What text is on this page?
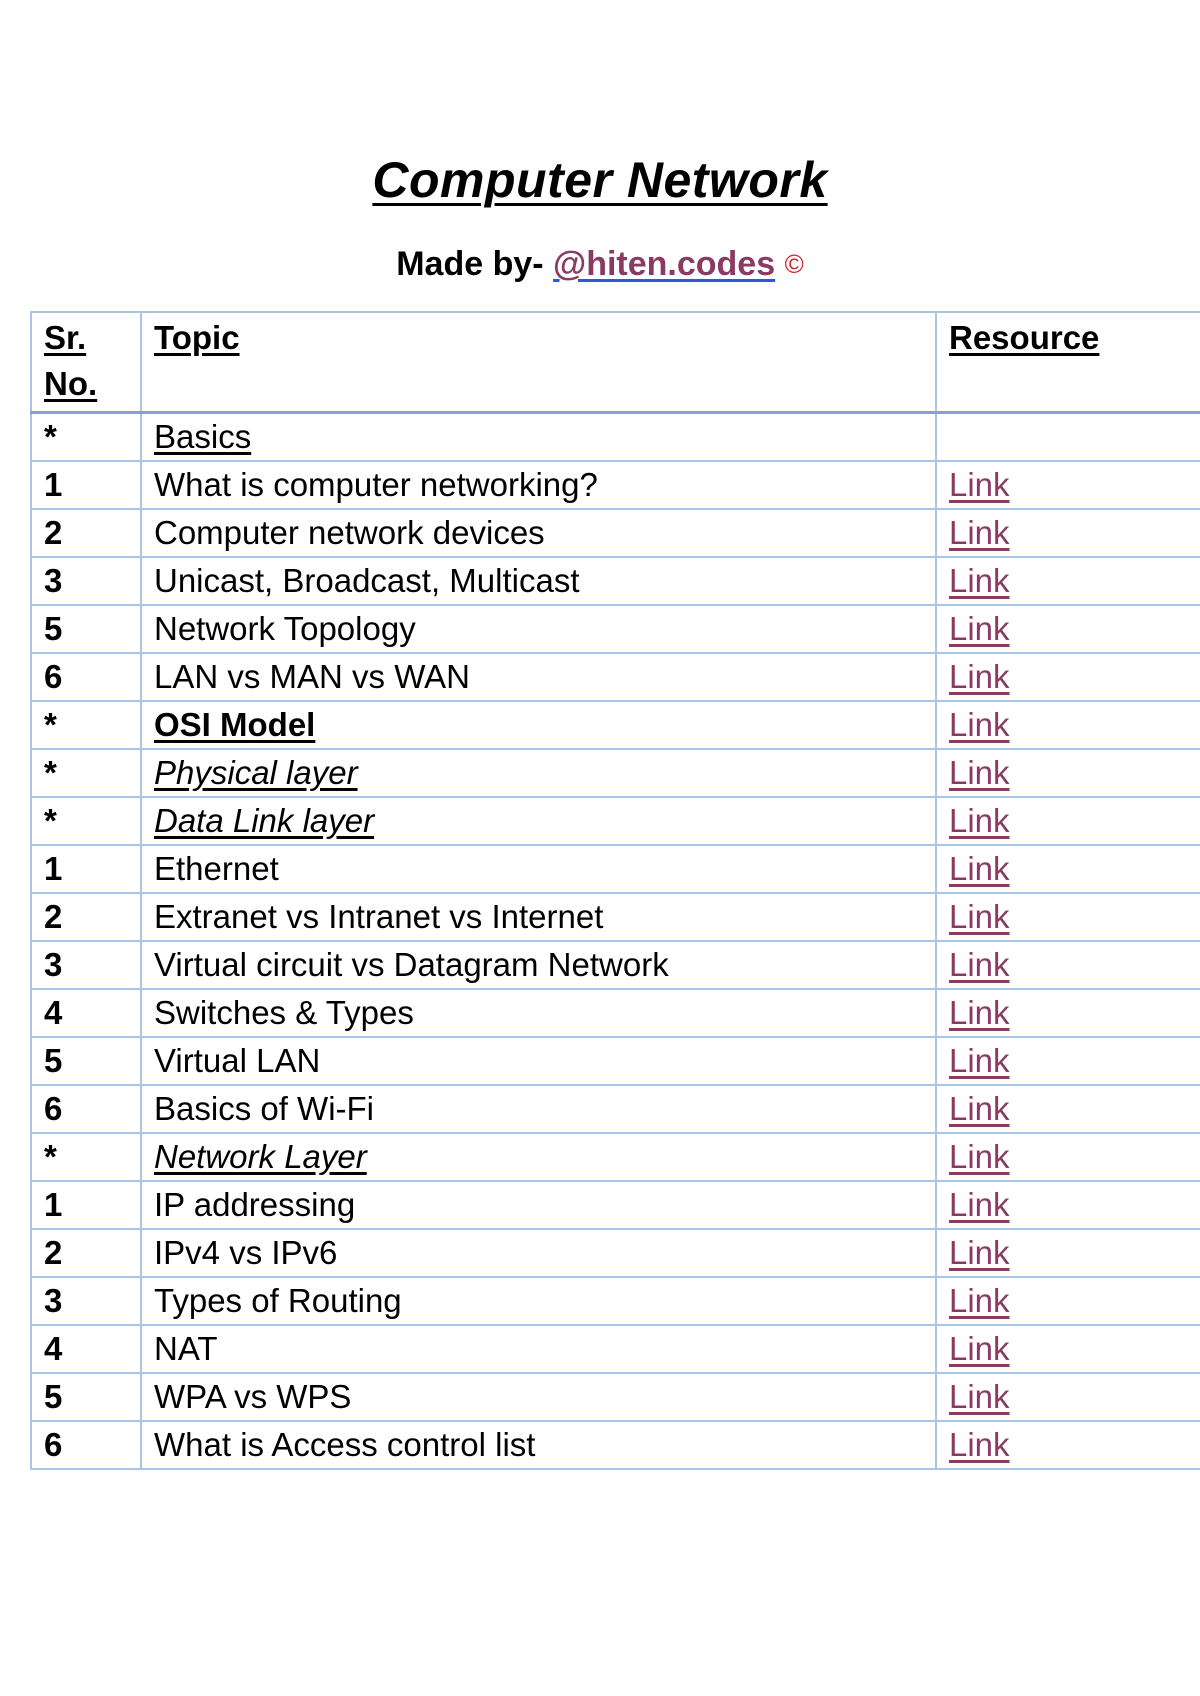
Computer Network
Made by- @hiten.codes ©
Sr. No.	Topic	Resource
*	Basics	
1	What is computer networking?	Link
2	Computer network devices	Link
3	Unicast, Broadcast, Multicast	Link
5	Network Topology	Link
6	LAN vs MAN vs WAN	Link
*	OSI Model	Link
*	Physical layer	Link
*	Data Link layer	Link
1	Ethernet	Link
2	Extranet vs Intranet vs Internet	Link
3	Virtual circuit vs Datagram Network	Link
4	Switches & Types	Link
5	Virtual LAN	Link
6	Basics of Wi-Fi	Link
*	Network Layer	Link
1	IP addressing	Link
2	IPv4 vs IPv6	Link
3	Types of Routing	Link
4	NAT	Link
5	WPA vs WPS	Link
6	What is Access control list	Link
